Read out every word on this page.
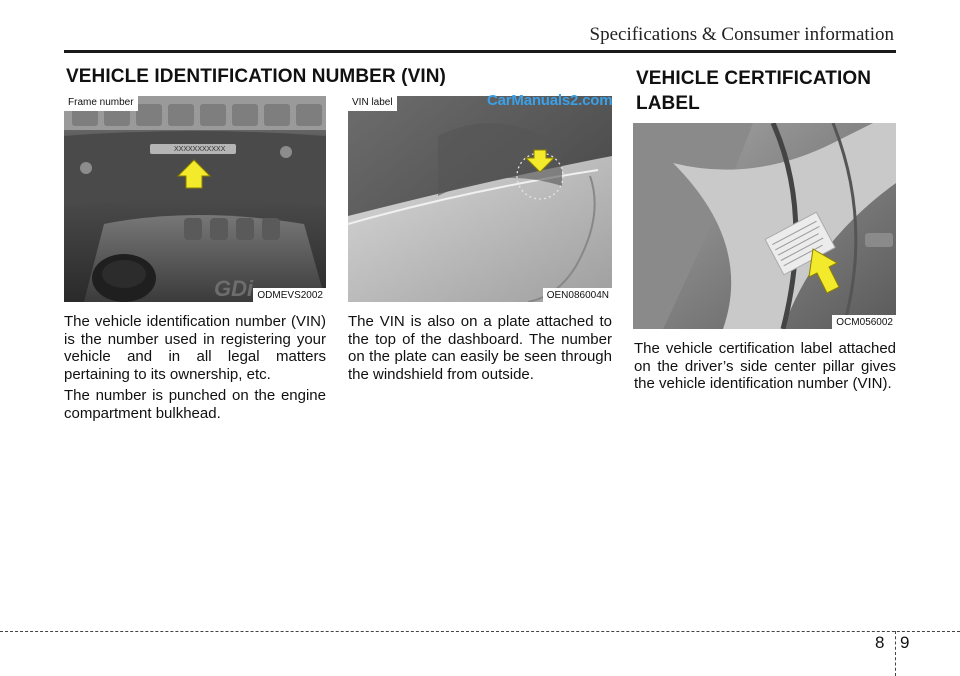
Specifications & Consumer information
VEHICLE IDENTIFICATION NUMBER (VIN)	VEHICLE CERTIFICATION LABEL
GDi
XXXXXXXXXXX
Frame number
ODMEVS2002
VIN label
OEN086004N
OCM056002
CarManuals2.com

The vehicle identification number (VIN) is the number used in registering your vehicle and in all legal matters pertaining to its ownership, etc.

The number is punched on the engine compartment bulkhead.

The VIN is also on a plate attached to the top of the dashboard. The number on the plate can easily be seen through the windshield from outside.

The vehicle certification label attached on the driver’s side center pillar gives the vehicle identification number (VIN).

8 9
